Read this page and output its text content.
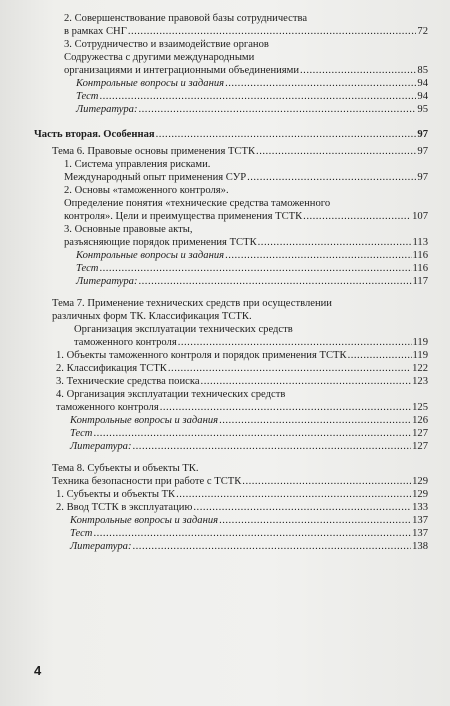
2. Совершенствование правовой базы сотрудничества
в рамках СНГ .....	72
3. Сотрудничество и взаимодействие органов
Содружества с другими международными
организациями и интеграционными объединениями .....	85
Контрольные вопросы и задания .....	94
Тест .....	94
Литература: .....	95
Часть вторая. Особенная .....	97
Тема 6. Правовые основы применения ТСТК .....	97
1. Система управления рисками.
Международный опыт применения СУР .....	97
2. Основы «таможенного контроля».
Определение понятия «технические средства таможенного
контроля». Цели и преимущества применения ТСТК .....	107
3. Основные правовые акты,
разъясняющие порядок применения ТСТК .....	113
Контрольные вопросы и задания .....	116
Тест .....	116
Литература: .....	117
Тема 7. Применение технических средств при осуществлении
различных форм ТК. Классификация ТСТК.
Организация эксплуатации технических средств
таможенного контроля .....	119
1. Объекты таможенного контроля и порядок применения ТСТК .....	119
2. Классификация ТСТК .....	122
3. Технические средства поиска .....	123
4. Организация эксплуатации технических средств
таможенного контроля .....	125
Контрольные вопросы и задания .....	126
Тест .....	127
Литература: .....	127
Тема 8. Субъекты и объекты ТК.
Техника безопасности при работе с ТСТК .....	129
1. Субъекты и объекты ТК .....	129
2. Ввод ТСТК в эксплуатацию .....	133
Контрольные вопросы и задания .....	137
Тест .....	137
Литература: .....	138
4
